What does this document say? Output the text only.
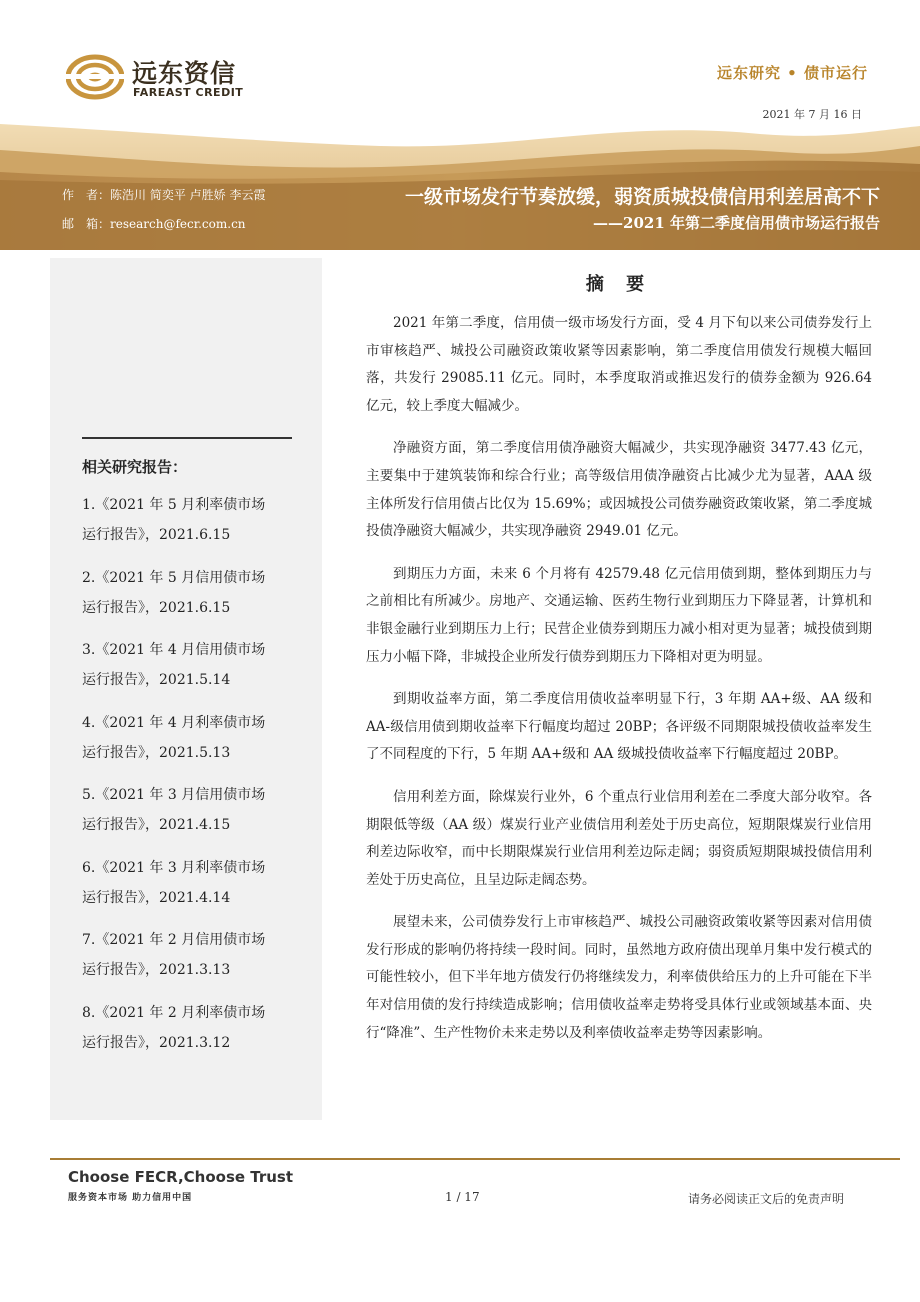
远东资信
FAREAST CREDIT
远东研究 • 债市运行
2021 年 7 月 16 日
作　者：陈浩川 简奕平 卢胜娇 李云霞
邮　箱：research@fecr.com.cn
一级市场发行节奏放缓，弱资质城投债信用利差居高不下
——2021 年第二季度信用债市场运行报告
相关研究报告：
1.《2021 年 5 月利率债市场
运行报告》，2021.6.15
2.《2021 年 5 月信用债市场
运行报告》，2021.6.15
3.《2021 年 4 月信用债市场
运行报告》，2021.5.14
4.《2021 年 4 月利率债市场
运行报告》，2021.5.13
5.《2021 年 3 月信用债市场
运行报告》，2021.4.15
6.《2021 年 3 月利率债市场
运行报告》，2021.4.14
7.《2021 年 2 月信用债市场
运行报告》，2021.3.13
8.《2021 年 2 月利率债市场
运行报告》，2021.3.12
摘 要

2021 年第二季度，信用债一级市场发行方面，受 4 月下旬以来公司债券发行上市审核趋严、城投公司融资政策收紧等因素影响，第二季度信用债发行规模大幅回落，共发行 29085.11 亿元。同时，本季度取消或推迟发行的债券金额为 926.64 亿元，较上季度大幅减少。

净融资方面，第二季度信用债净融资大幅减少，共实现净融资 3477.43 亿元，主要集中于建筑装饰和综合行业；高等级信用债净融资占比减少尤为显著，AAA 级主体所发行信用债占比仅为 15.69%；或因城投公司债券融资政策收紧，第二季度城投债净融资大幅减少，共实现净融资 2949.01 亿元。

到期压力方面，未来 6 个月将有 42579.48 亿元信用债到期，整体到期压力与之前相比有所减少。房地产、交通运输、医药生物行业到期压力下降显著，计算机和非银金融行业到期压力上行；民营企业债券到期压力减小相对更为显著；城投债到期压力小幅下降，非城投企业所发行债券到期压力下降相对更为明显。

到期收益率方面，第二季度信用债收益率明显下行，3 年期 AA+级、AA 级和 AA-级信用债到期收益率下行幅度均超过 20BP；各评级不同期限城投债收益率发生了不同程度的下行，5 年期 AA+级和 AA 级城投债收益率下行幅度超过 20BP。

信用利差方面，除煤炭行业外，6 个重点行业信用利差在二季度大部分收窄。各期限低等级（AA 级）煤炭行业产业债信用利差处于历史高位，短期限煤炭行业信用利差边际收窄，而中长期限煤炭行业信用利差边际走阔；弱资质短期限城投债信用利差处于历史高位，且呈边际走阔态势。

展望未来，公司债券发行上市审核趋严、城投公司融资政策收紧等因素对信用债发行形成的影响仍将持续一段时间。同时，虽然地方政府债出现单月集中发行模式的可能性较小，但下半年地方债发行仍将继续发力，利率债供给压力的上升可能在下半年对信用债的发行持续造成影响；信用债收益率走势将受具体行业或领域基本面、央行“降准”、生产性物价未来走势以及利率债收益率走势等因素影响。

Choose FECR,Choose Trust
服务资本市场 助力信用中国	1 / 17	请务必阅读正文后的免责声明
